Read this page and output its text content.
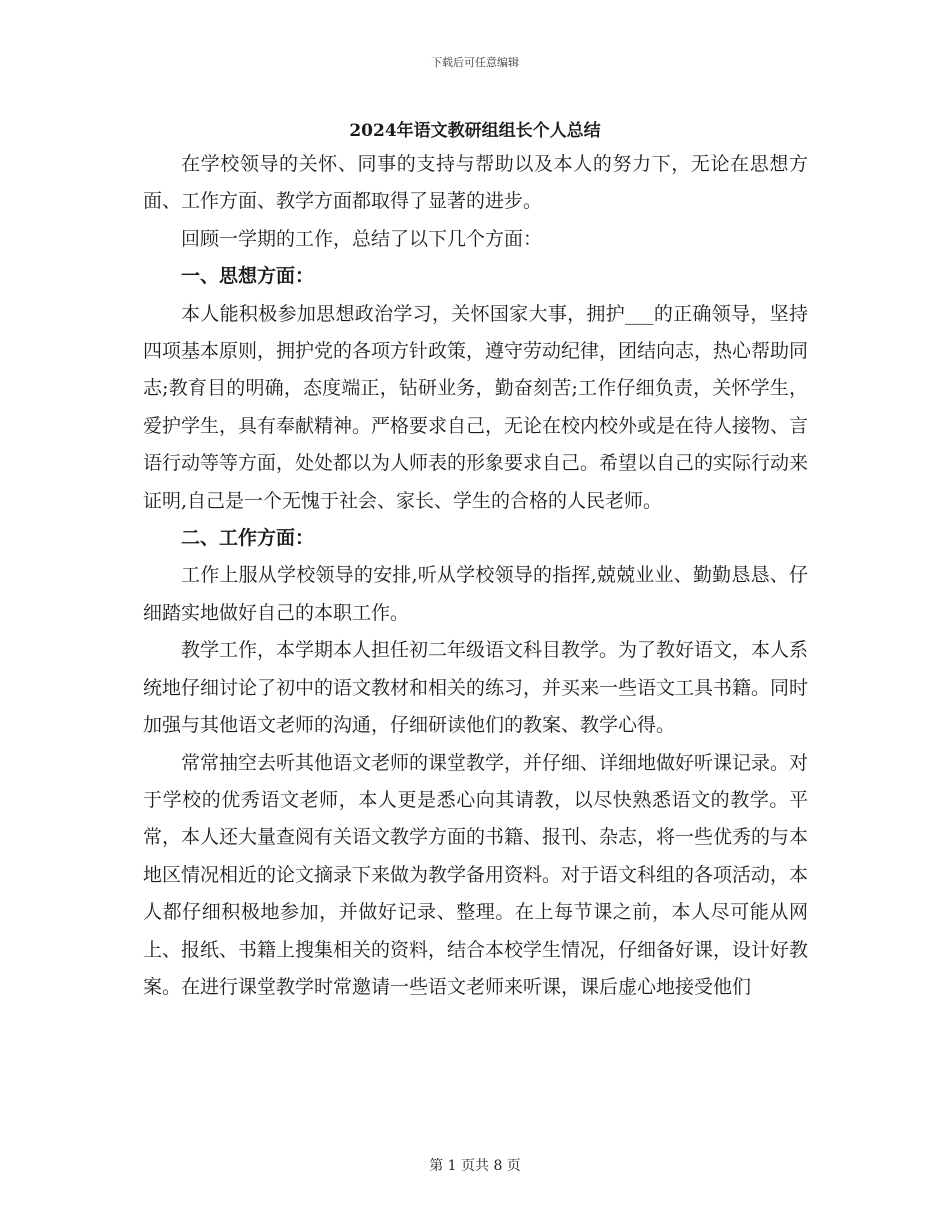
下载后可任意编辑
2024年语文教研组组长个人总结

在学校领导的关怀、同事的支持与帮助以及本人的努力下，无论在思想方面、工作方面、教学方面都取得了显著的进步。

回顾一学期的工作，总结了以下几个方面：

一、思想方面：

本人能积极参加思想政治学习，关怀国家大事，拥护___的正确领导，坚持四项基本原则，拥护党的各项方针政策，遵守劳动纪律，团结向志，热心帮助同志;教育目的明确，态度端正，钻研业务，勤奋刻苦;工作仔细负责，关怀学生，爱护学生，具有奉献精神。严格要求自己，无论在校内校外或是在待人接物、言语行动等等方面，处处都以为人师表的形象要求自己。希望以自己的实际行动来证明,自己是一个无愧于社会、家长、学生的合格的人民老师。

二、工作方面：

工作上服从学校领导的安排,听从学校领导的指挥,兢兢业业、勤勤恳恳、仔细踏实地做好自己的本职工作。

教学工作，本学期本人担任初二年级语文科目教学。为了教好语文，本人系统地仔细讨论了初中的语文教材和相关的练习，并买来一些语文工具书籍。同时加强与其他语文老师的沟通，仔细研读他们的教案、教学心得。

常常抽空去听其他语文老师的课堂教学，并仔细、详细地做好听课记录。对于学校的优秀语文老师，本人更是悉心向其请教，以尽快熟悉语文的教学。平常，本人还大量查阅有关语文教学方面的书籍、报刊、杂志，将一些优秀的与本地区情况相近的论文摘录下来做为教学备用资料。对于语文科组的各项活动，本人都仔细积极地参加，并做好记录、整理。在上每节课之前，本人尽可能从网上、报纸、书籍上搜集相关的资料，结合本校学生情况，仔细备好课，设计好教案。在进行课堂教学时常邀请一些语文老师来听课，课后虚心地接受他们

第 1 页共 8 页
